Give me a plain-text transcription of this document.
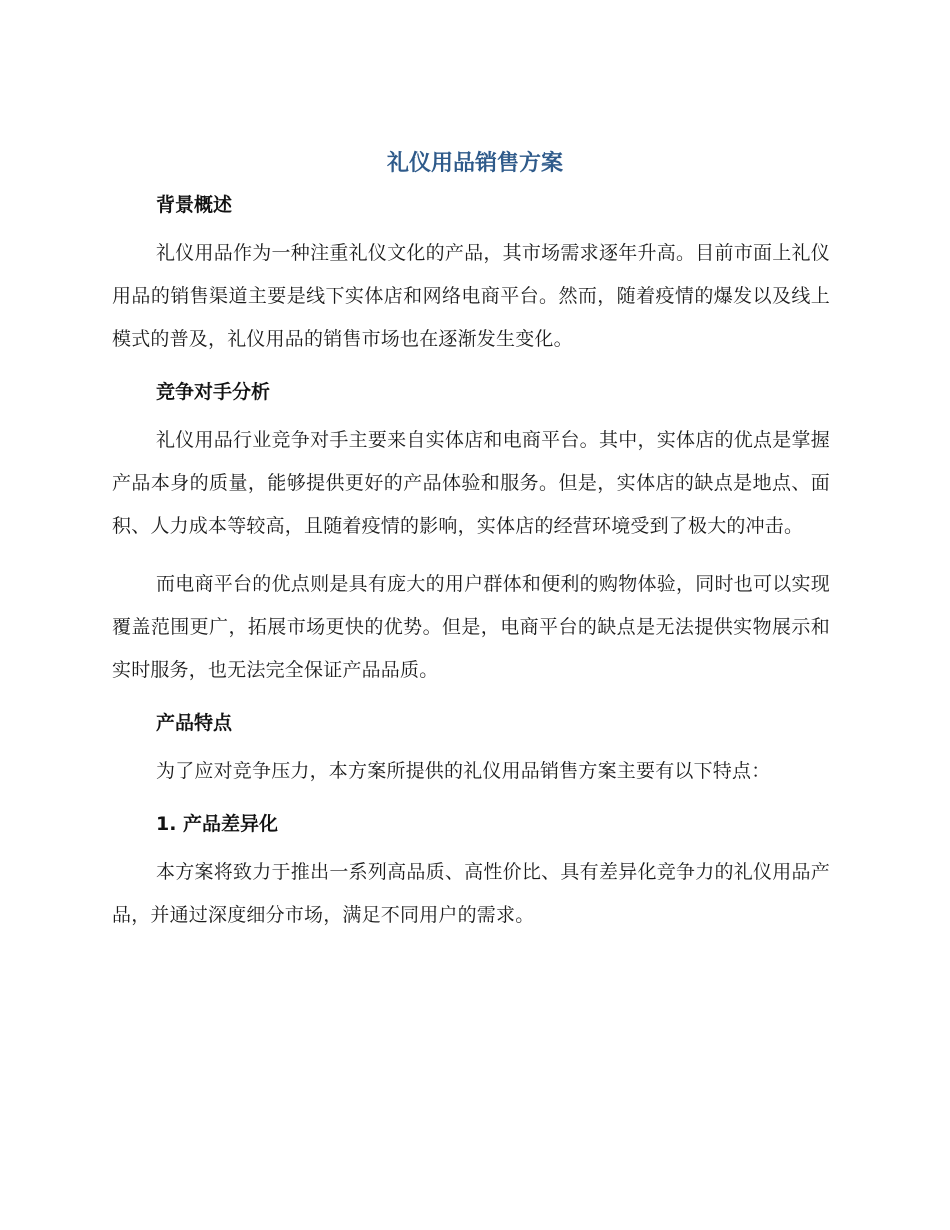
礼仪用品销售方案
背景概述

礼仪用品作为一种注重礼仪文化的产品，其市场需求逐年升高。目前市面上礼仪用品的销售渠道主要是线下实体店和网络电商平台。然而，随着疫情的爆发以及线上模式的普及，礼仪用品的销售市场也在逐渐发生变化。

竞争对手分析

礼仪用品行业竞争对手主要来自实体店和电商平台。其中，实体店的优点是掌握产品本身的质量，能够提供更好的产品体验和服务。但是，实体店的缺点是地点、面积、人力成本等较高，且随着疫情的影响，实体店的经营环境受到了极大的冲击。

而电商平台的优点则是具有庞大的用户群体和便利的购物体验，同时也可以实现覆盖范围更广，拓展市场更快的优势。但是，电商平台的缺点是无法提供实物展示和实时服务，也无法完全保证产品品质。

产品特点

为了应对竞争压力，本方案所提供的礼仪用品销售方案主要有以下特点：

1. 产品差异化

本方案将致力于推出一系列高品质、高性价比、具有差异化竞争力的礼仪用品产品，并通过深度细分市场，满足不同用户的需求。
